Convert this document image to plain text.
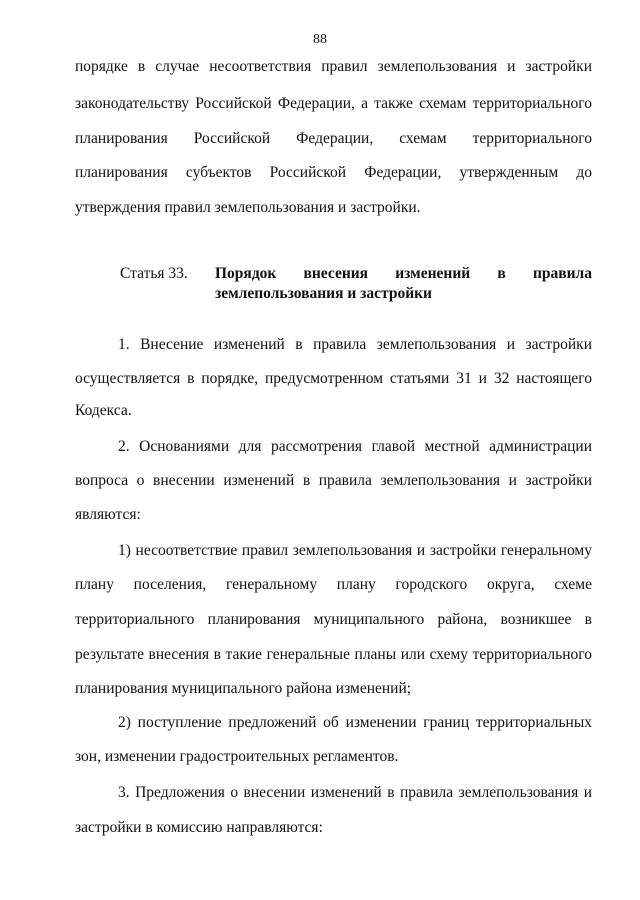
88
порядке в случае несоответствия правил землепользования и застройки
законодательству Российской Федерации, а также схемам территориального
планирования Российской Федерации, схемам территориального
планирования субъектов Российской Федерации, утвержденным до
утверждения правил землепользования и застройки.
Статья 33. Порядок внесения изменений в правила
землепользования и застройки
1. Внесение изменений в правила землепользования и застройки
осуществляется в порядке, предусмотренном статьями 31 и 32 настоящего
Кодекса.
2. Основаниями для рассмотрения главой местной администрации
вопроса о внесении изменений в правила землепользования и застройки
являются:
1) несоответствие правил землепользования и застройки генеральному
плану поселения, генеральному плану городского округа, схеме
территориального планирования муниципального района, возникшее в
результате внесения в такие генеральные планы или схему территориального
планирования муниципального района изменений;
2) поступление предложений об изменении границ территориальных
зон, изменении градостроительных регламентов.
3. Предложения о внесении изменений в правила землепользования и
застройки в комиссию направляются:
